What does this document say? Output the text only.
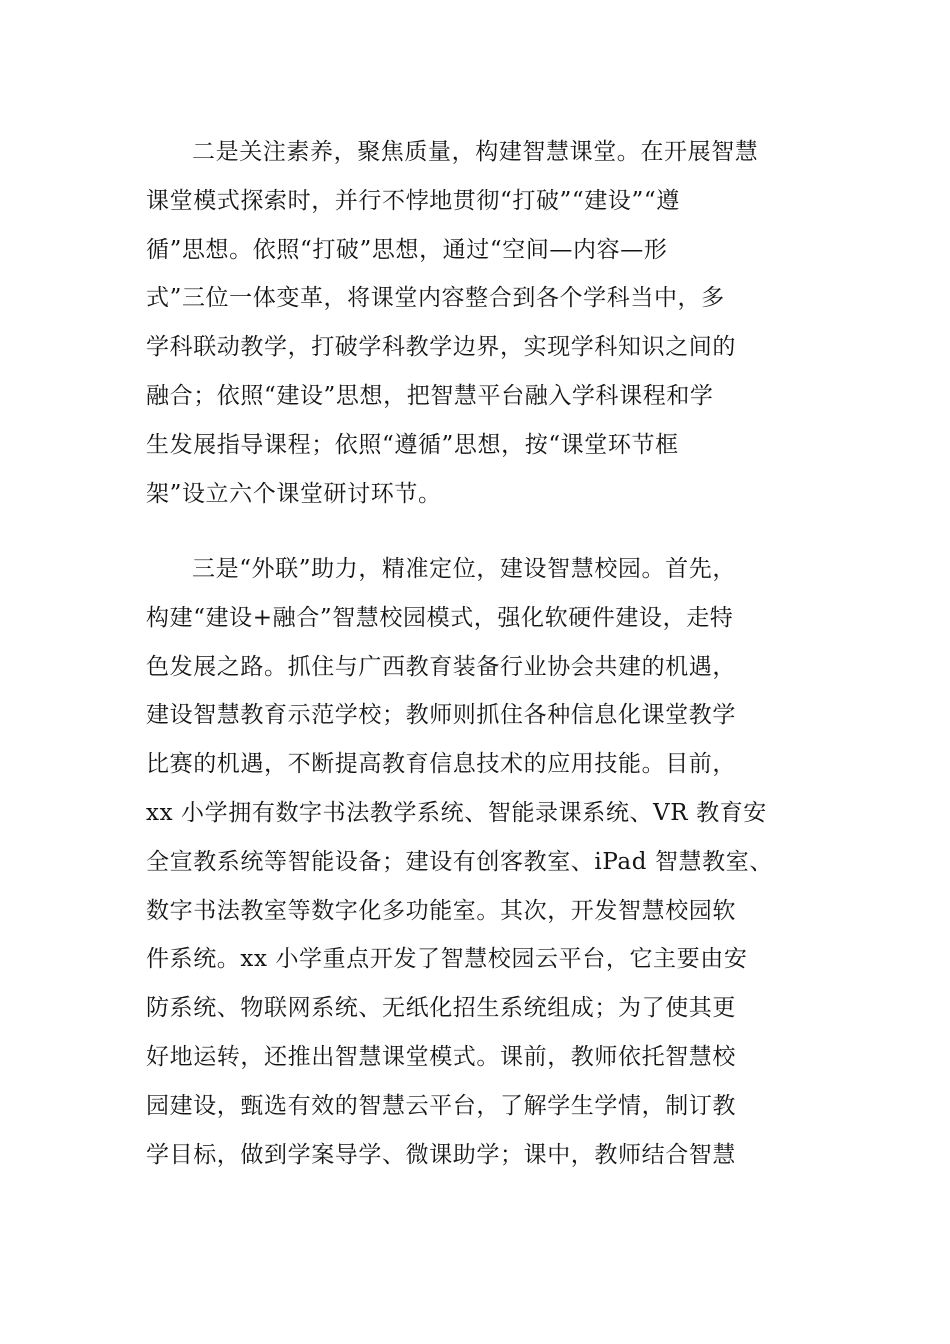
二是关注素养，聚焦质量，构建智慧课堂。在开展智慧
课堂模式探索时，并行不悖地贯彻“打破”“建设”“遵
循”思想。依照“打破”思想，通过“空间—内容—形
式”三位一体变革，将课堂内容整合到各个学科当中，多
学科联动教学，打破学科教学边界，实现学科知识之间的
融合；依照“建设”思想，把智慧平台融入学科课程和学
生发展指导课程；依照“遵循”思想，按“课堂环节框
架”设立六个课堂研讨环节。
三是“外联”助力，精准定位，建设智慧校园。首先，
构建“建设+融合”智慧校园模式，强化软硬件建设，走特
色发展之路。抓住与广西教育装备行业协会共建的机遇，
建设智慧教育示范学校；教师则抓住各种信息化课堂教学
比赛的机遇，不断提高教育信息技术的应用技能。目前，
xx 小学拥有数字书法教学系统、智能录课系统、VR 教育安
全宣教系统等智能设备；建设有创客教室、iPad 智慧教室、
数字书法教室等数字化多功能室。其次，开发智慧校园软
件系统。xx 小学重点开发了智慧校园云平台，它主要由安
防系统、物联网系统、无纸化招生系统组成；为了使其更
好地运转，还推出智慧课堂模式。课前，教师依托智慧校
园建设，甄选有效的智慧云平台，了解学生学情，制订教
学目标，做到学案导学、微课助学；课中，教师结合智慧
